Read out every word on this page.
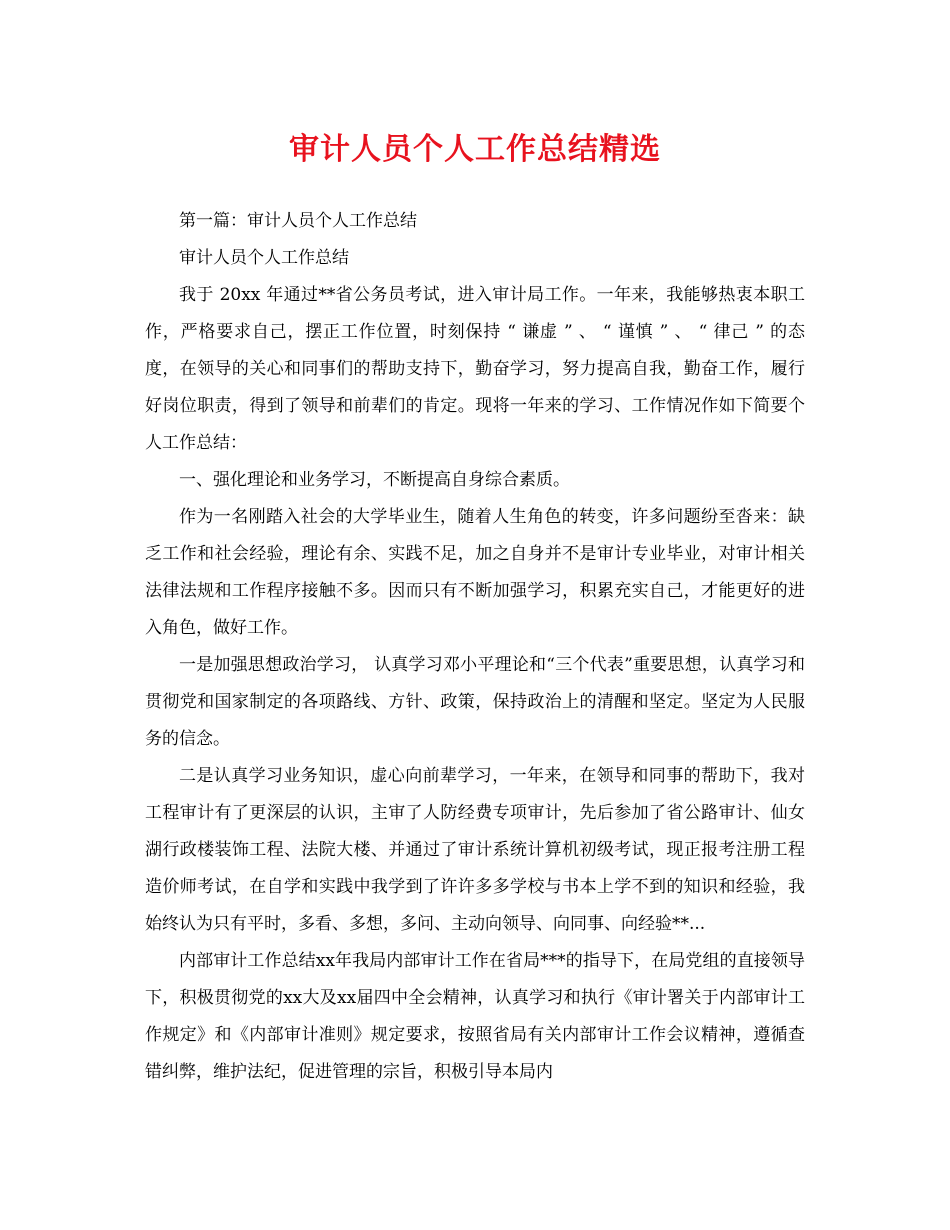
审计人员个人工作总结精选

第一篇：审计人员个人工作总结

审计人员个人工作总结

我于 20xx 年通过**省公务员考试，进入审计局工作。一年来，我能够热衷本职工作，严格要求自己，摆正工作位置，时刻保持 “ 谦虚 ” 、 “ 谨慎 ” 、 “ 律己 ” 的态度，在领导的关心和同事们的帮助支持下，勤奋学习，努力提高自我，勤奋工作，履行好岗位职责，得到了领导和前辈们的肯定。现将一年来的学习、工作情况作如下简要个人工作总结：

一、强化理论和业务学习，不断提高自身综合素质。

作为一名刚踏入社会的大学毕业生，随着人生角色的转变，许多问题纷至沓来：缺乏工作和社会经验，理论有余、实践不足，加之自身并不是审计专业毕业，对审计相关法律法规和工作程序接触不多。因而只有不断加强学习，积累充实自己，才能更好的进入角色，做好工作。

一是加强思想政治学习， 认真学习邓小平理论和“三个代表”重要思想，认真学习和贯彻党和国家制定的各项路线、方针、政策，保持政治上的清醒和坚定。坚定为人民服务的信念。

二是认真学习业务知识，虚心向前辈学习，一年来，在领导和同事的帮助下，我对工程审计有了更深层的认识，主审了人防经费专项审计，先后参加了省公路审计、仙女湖行政楼装饰工程、法院大楼、并通过了审计系统计算机初级考试，现正报考注册工程造价师考试，在自学和实践中我学到了许许多多学校与书本上学不到的知识和经验，我始终认为只有平时，多看、多想，多问、主动向领导、向同事、向经验**...

内部审计工作总结xx年我局内部审计工作在省局***的指导下，在局党组的直接领导下，积极贯彻党的xx大及xx届四中全会精神，认真学习和执行《审计署关于内部审计工作规定》和《内部审计准则》规定要求，按照省局有关内部审计工作会议精神，遵循查错纠弊，维护法纪，促进管理的宗旨，积极引导本局内
